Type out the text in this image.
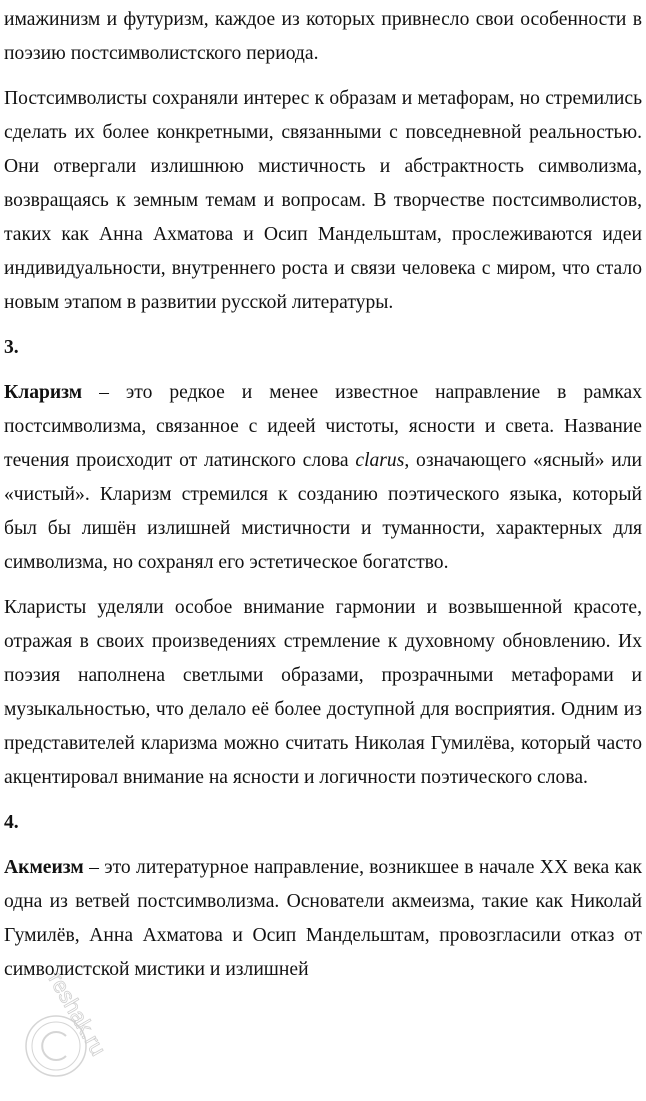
имажинизм и футуризм, каждое из которых привнесло свои особенности в поэзию постсимволистского периода.

Постсимволисты сохраняли интерес к образам и метафорам, но стремились сделать их более конкретными, связанными с повседневной реальностью. Они отвергали излишнюю мистичность и абстрактность символизма, возвращаясь к земным темам и вопросам. В творчестве постсимволистов, таких как Анна Ахматова и Осип Мандельштам, прослеживаются идеи индивидуальности, внутреннего роста и связи человека с миром, что стало новым этапом в развитии русской литературы.

3.

Кларизм – это редкое и менее известное направление в рамках постсимволизма, связанное с идеей чистоты, ясности и света. Название течения происходит от латинского слова clarus, означающего «ясный» или «чистый». Кларизм стремился к созданию поэтического языка, который был бы лишён излишней мистичности и туманности, характерных для символизма, но сохранял его эстетическое богатство.

Кларисты уделяли особое внимание гармонии и возвышенной красоте, отражая в своих произведениях стремление к духовному обновлению. Их поэзия наполнена светлыми образами, прозрачными метафорами и музыкальностью, что делало её более доступной для восприятия. Одним из представителей кларизма можно считать Николая Гумилёва, который часто акцентировал внимание на ясности и логичности поэтического слова.

4.

Акмеизм – это литературное направление, возникшее в начале XX века как одна из ветвей постсимволизма. Основатели акмеизма, такие как Николай Гумилёв, Анна Ахматова и Осип Мандельштам, провозгласили отказ от символистской мистики и излишней

reshak.ru
